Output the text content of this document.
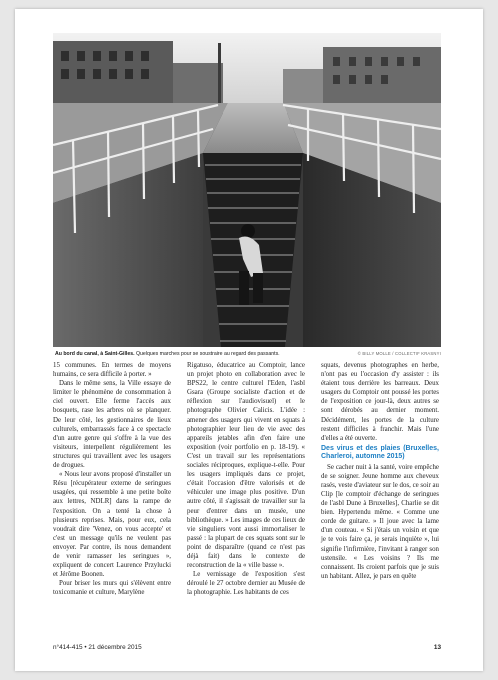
© BILLY MOLLE / COLLECTIF KRASNYI
Au bord du canal, à Saint-Gilles. Quelques marches pour se soustraire au regard des passants.

15 communes. En termes de moyens humains, ce sera difficile à porter. »

Dans le même sens, la Ville essaye de limiter le phénomène de consommation à ciel ouvert. Elle ferme l'accès aux bosquets, rase les arbres où se planquer. De leur côté, les gestionnaires de lieux culturels, embarrassés face à ce spectacle d'un autre genre qui s'offre à la vue des visiteurs, interpellent régulièrement les structures qui travaillent avec les usagers de drogues.

« Nous leur avons proposé d'installer un Résu [récupérateur externe de seringues usagées, qui ressemble à une petite boîte aux lettres, NDLR] dans la rampe de l'exposition. On a tenté la chose à plusieurs reprises. Mais, pour eux, cela voudrait dire 'Venez, on vous accepte' et c'est un message qu'ils ne veulent pas envoyer. Par contre, ils nous demandent de venir ramasser les seringues », expliquent de concert Laurence Przylucki et Jérôme Boonen.

Pour briser les murs qui s'élèvent entre toxicomanie et culture, Marylène

Rigatuso, éducatrice au Comptoir, lance un projet photo en collaboration avec le BPS22, le centre culturel l'Eden, l'asbl Gsara (Groupe socialiste d'action et de réflexion sur l'audiovisuel) et le photographe Olivier Calicis. L'idée : amener des usagers qui vivent en squats à photographier leur lieu de vie avec des appareils jetables afin d'en faire une exposition (voir portfolio en p. 18-19). « C'est un travail sur les représentations sociales réciproques, explique-t-elle. Pour les usagers impliqués dans ce projet, c'était l'occasion d'être valorisés et de véhiculer une image plus positive. D'un autre côté, il s'agissait de travailler sur la peur d'entrer dans un musée, une bibliothèque. » Les images de ces lieux de vie singuliers vont aussi immortaliser le passé : la plupart de ces squats sont sur le point de disparaître (quand ce n'est pas déjà fait) dans le contexte de reconstruction de la « ville basse ».

Le vernissage de l'exposition s'est déroulé le 27 octobre dernier au Musée de la photographie. Les habitants de ces

squats, devenus photographes en herbe, n'ont pas eu l'occasion d'y assister : ils étaient tous derrière les barreaux. Deux usagers du Comptoir ont poussé les portes de l'exposition ce jour-là, deux autres se sont dérobés au dernier moment. Décidément, les portes de la culture restent difficiles à franchir. Mais l'une d'elles a été ouverte.

Des virus et des plaies (Bruxelles, Charleroi, automne 2015)

Se cacher nuit à la santé, voire empêche de se soigner. Jeune homme aux cheveux rasés, veste d'aviateur sur le dos, ce soir au Clip [le comptoir d'échange de seringues de l'asbl Dune à Bruxelles], Charlie se dit bien. Hypertendu même. « Comme une corde de guitare. » Il joue avec la lame d'un couteau. « Si j'étais un voisin et que je te vois faire ça, je serais inquiète », lui signifie l'infirmière, l'invitant à ranger son ustensile. « Les voisins ? Ils me connaissent. Ils croient parfois que je suis un habitant. Allez, je pars en quête

n°414-415 • 21 décembre 2015	13
